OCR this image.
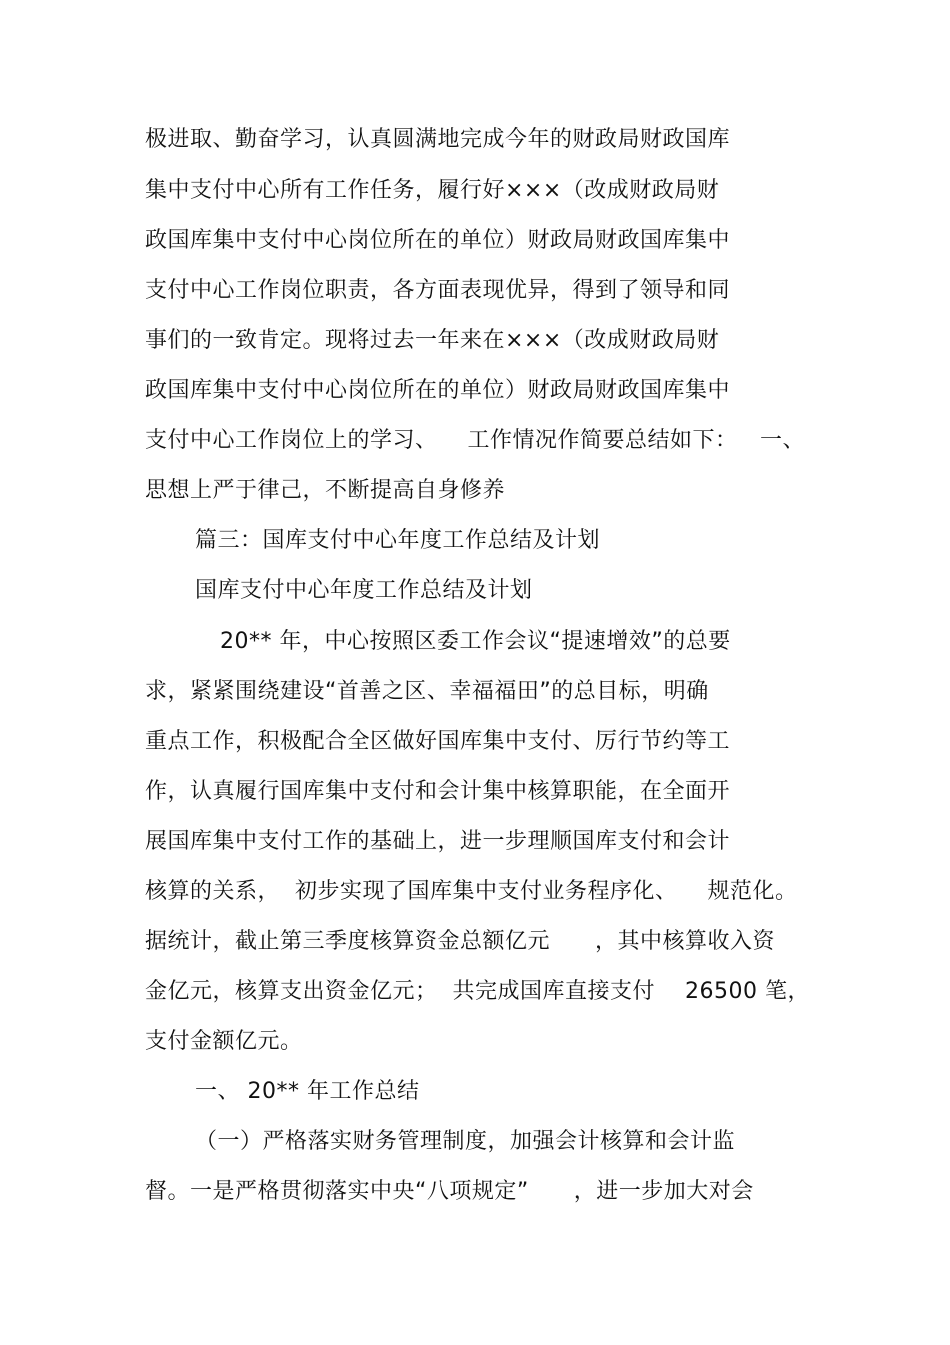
极进取、勤奋学习，认真圆满地完成今年的财政局财政国库
集中支付中心所有工作任务，履行好×××（改成财政局财
政国库集中支付中心岗位所在的单位）财政局财政国库集中
支付中心工作岗位职责，各方面表现优异，得到了领导和同
事们的一致肯定。现将过去一年来在×××（改成财政局财
政国库集中支付中心岗位所在的单位）财政局财政国库集中
支付中心工作岗位上的学习、    工作情况作简要总结如下：   一、
思想上严于律己，不断提高自身修养
篇三：国库支付中心年度工作总结及计划
国库支付中心年度工作总结及计划
20** 年，中心按照区委工作会议“提速增效”的总要
求，紧紧围绕建设“首善之区、幸福福田”的总目标，明确
重点工作，积极配合全区做好国库集中支付、厉行节约等工
作，认真履行国库集中支付和会计集中核算职能，在全面开
展国库集中支付工作的基础上，进一步理顺国库支付和会计
核算的关系，  初步实现了国库集中支付业务程序化、    规范化。
据统计，截止第三季度核算资金总额亿元      ，其中核算收入资
金亿元，核算支出资金亿元；  共完成国库直接支付    26500 笔，
支付金额亿元。
一、 20** 年工作总结
（一）严格落实财务管理制度，加强会计核算和会计监
督。一是严格贯彻落实中央“八项规定”      ，进一步加大对会
